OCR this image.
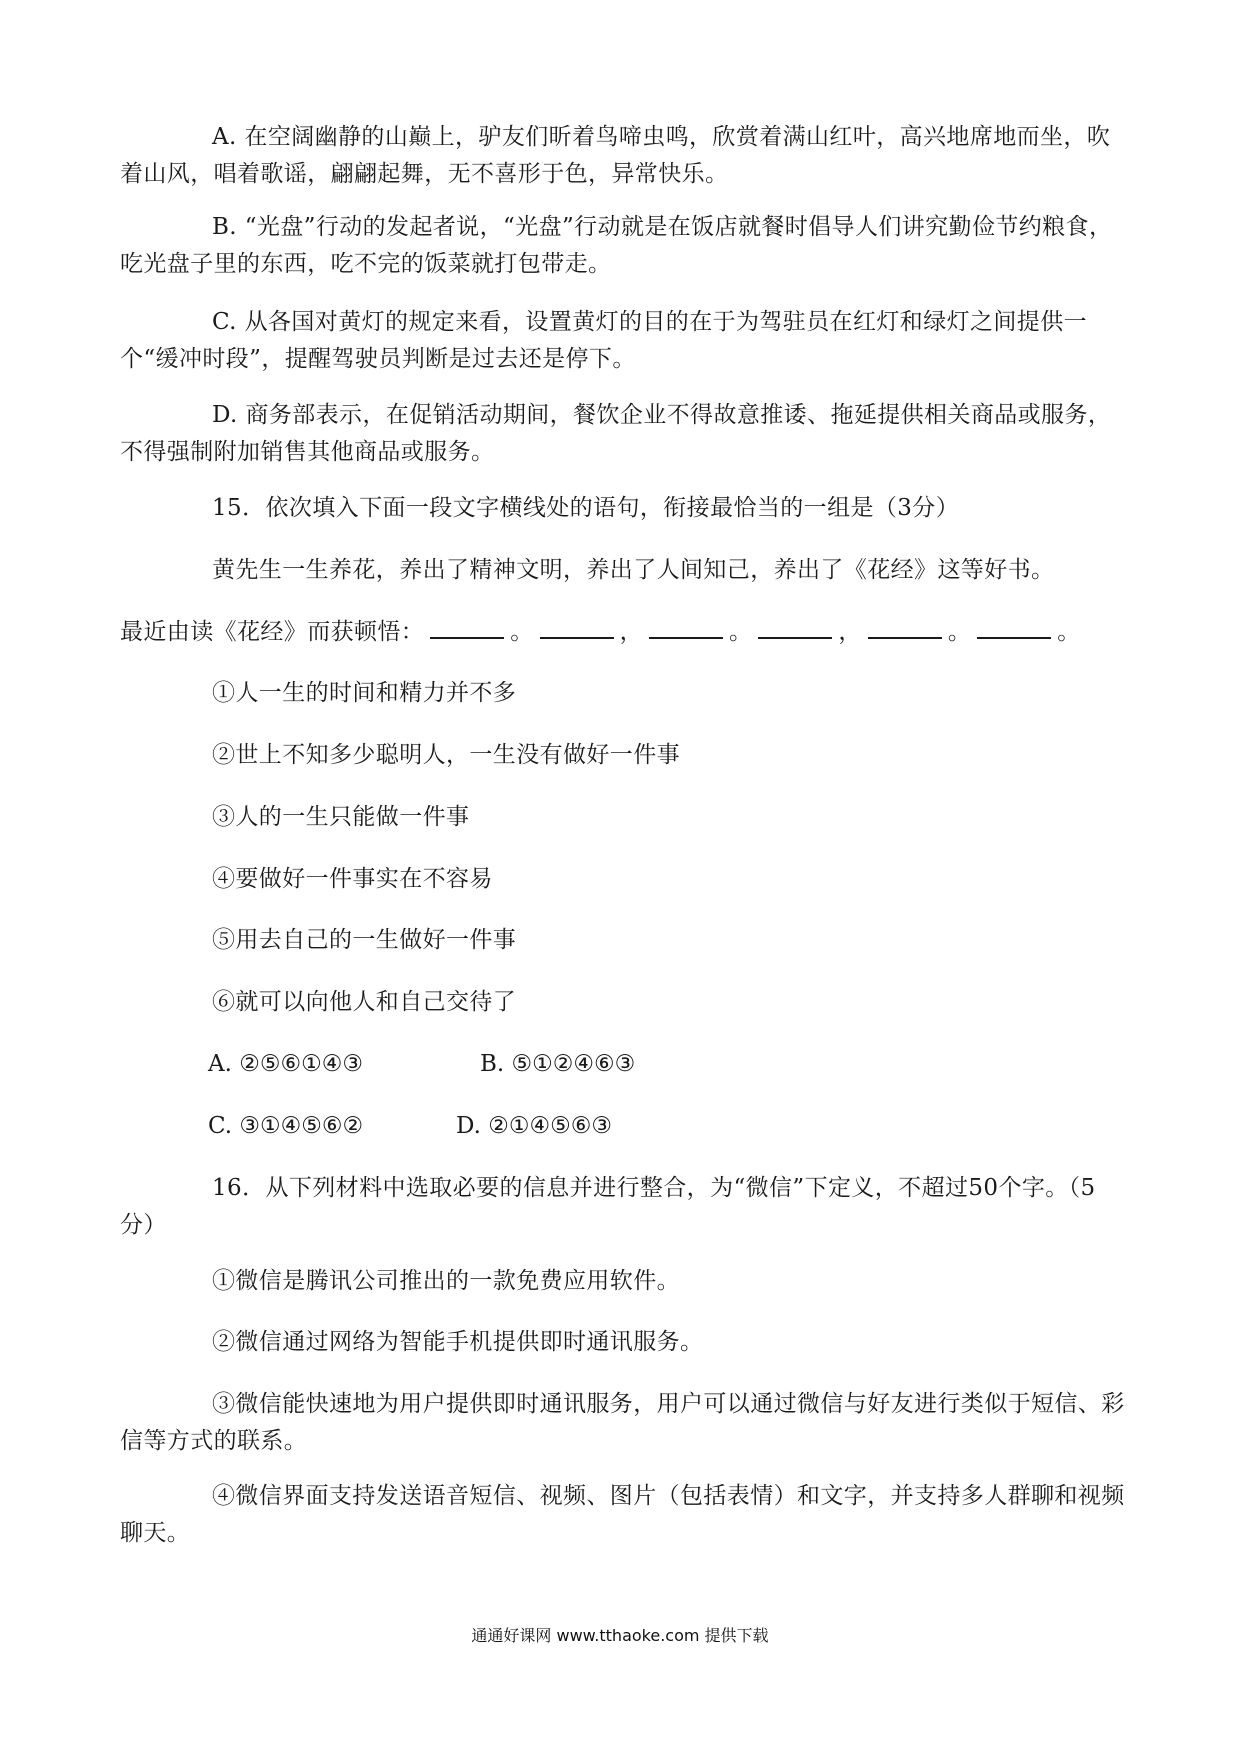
A. 在空阔幽静的山巅上，驴友们昕着鸟啼虫鸣，欣赏着满山红叶，高兴地席地而坐，吹着山风，唱着歌谣，翩翩起舞，无不喜形于色，异常快乐。

B. “光盘”行动的发起者说，“光盘”行动就是在饭店就餐时倡导人们讲究勤俭节约粮食，吃光盘子里的东西，吃不完的饭菜就打包带走。

C. 从各国对黄灯的规定来看，设置黄灯的目的在于为驾驻员在红灯和绿灯之间提供一个“缓冲时段”，提醒驾驶员判断是过去还是停下。

D. 商务部表示，在促销活动期间，餐饮企业不得故意推诿、拖延提供相关商品或服务，不得强制附加销售其他商品或服务。

15．依次填入下面一段文字横线处的语句，衔接最恰当的一组是（3分）

黄先生一生养花，养出了精神文明，养出了人间知己，养出了《花经》这等好书。

最近由读《花经》而获顿悟：	。	，	。	，	。	。

①人一生的时间和精力并不多

②世上不知多少聪明人，一生没有做好一件事

③人的一生只能做一件事

④要做好一件事实在不容易

⑤用去自己的一生做好一件事

⑥就可以向他人和自己交待了

A. ②⑤⑥①④③	B. ⑤①②④⑥③

C. ③①④⑤⑥②	D. ②①④⑤⑥③

16．从下列材料中选取必要的信息并进行整合，为“微信”下定义，不超过50个字。（5分）

①微信是腾讯公司推出的一款免费应用软件。

②微信通过网络为智能手机提供即时通讯服务。

③微信能快速地为用户提供即时通讯服务，用户可以通过微信与好友进行类似于短信、彩信等方式的联系。

④微信界面支持发送语音短信、视频、图片（包括表情）和文字，并支持多人群聊和视频聊天。

通通好课网 www.tthaoke.com 提供下载
